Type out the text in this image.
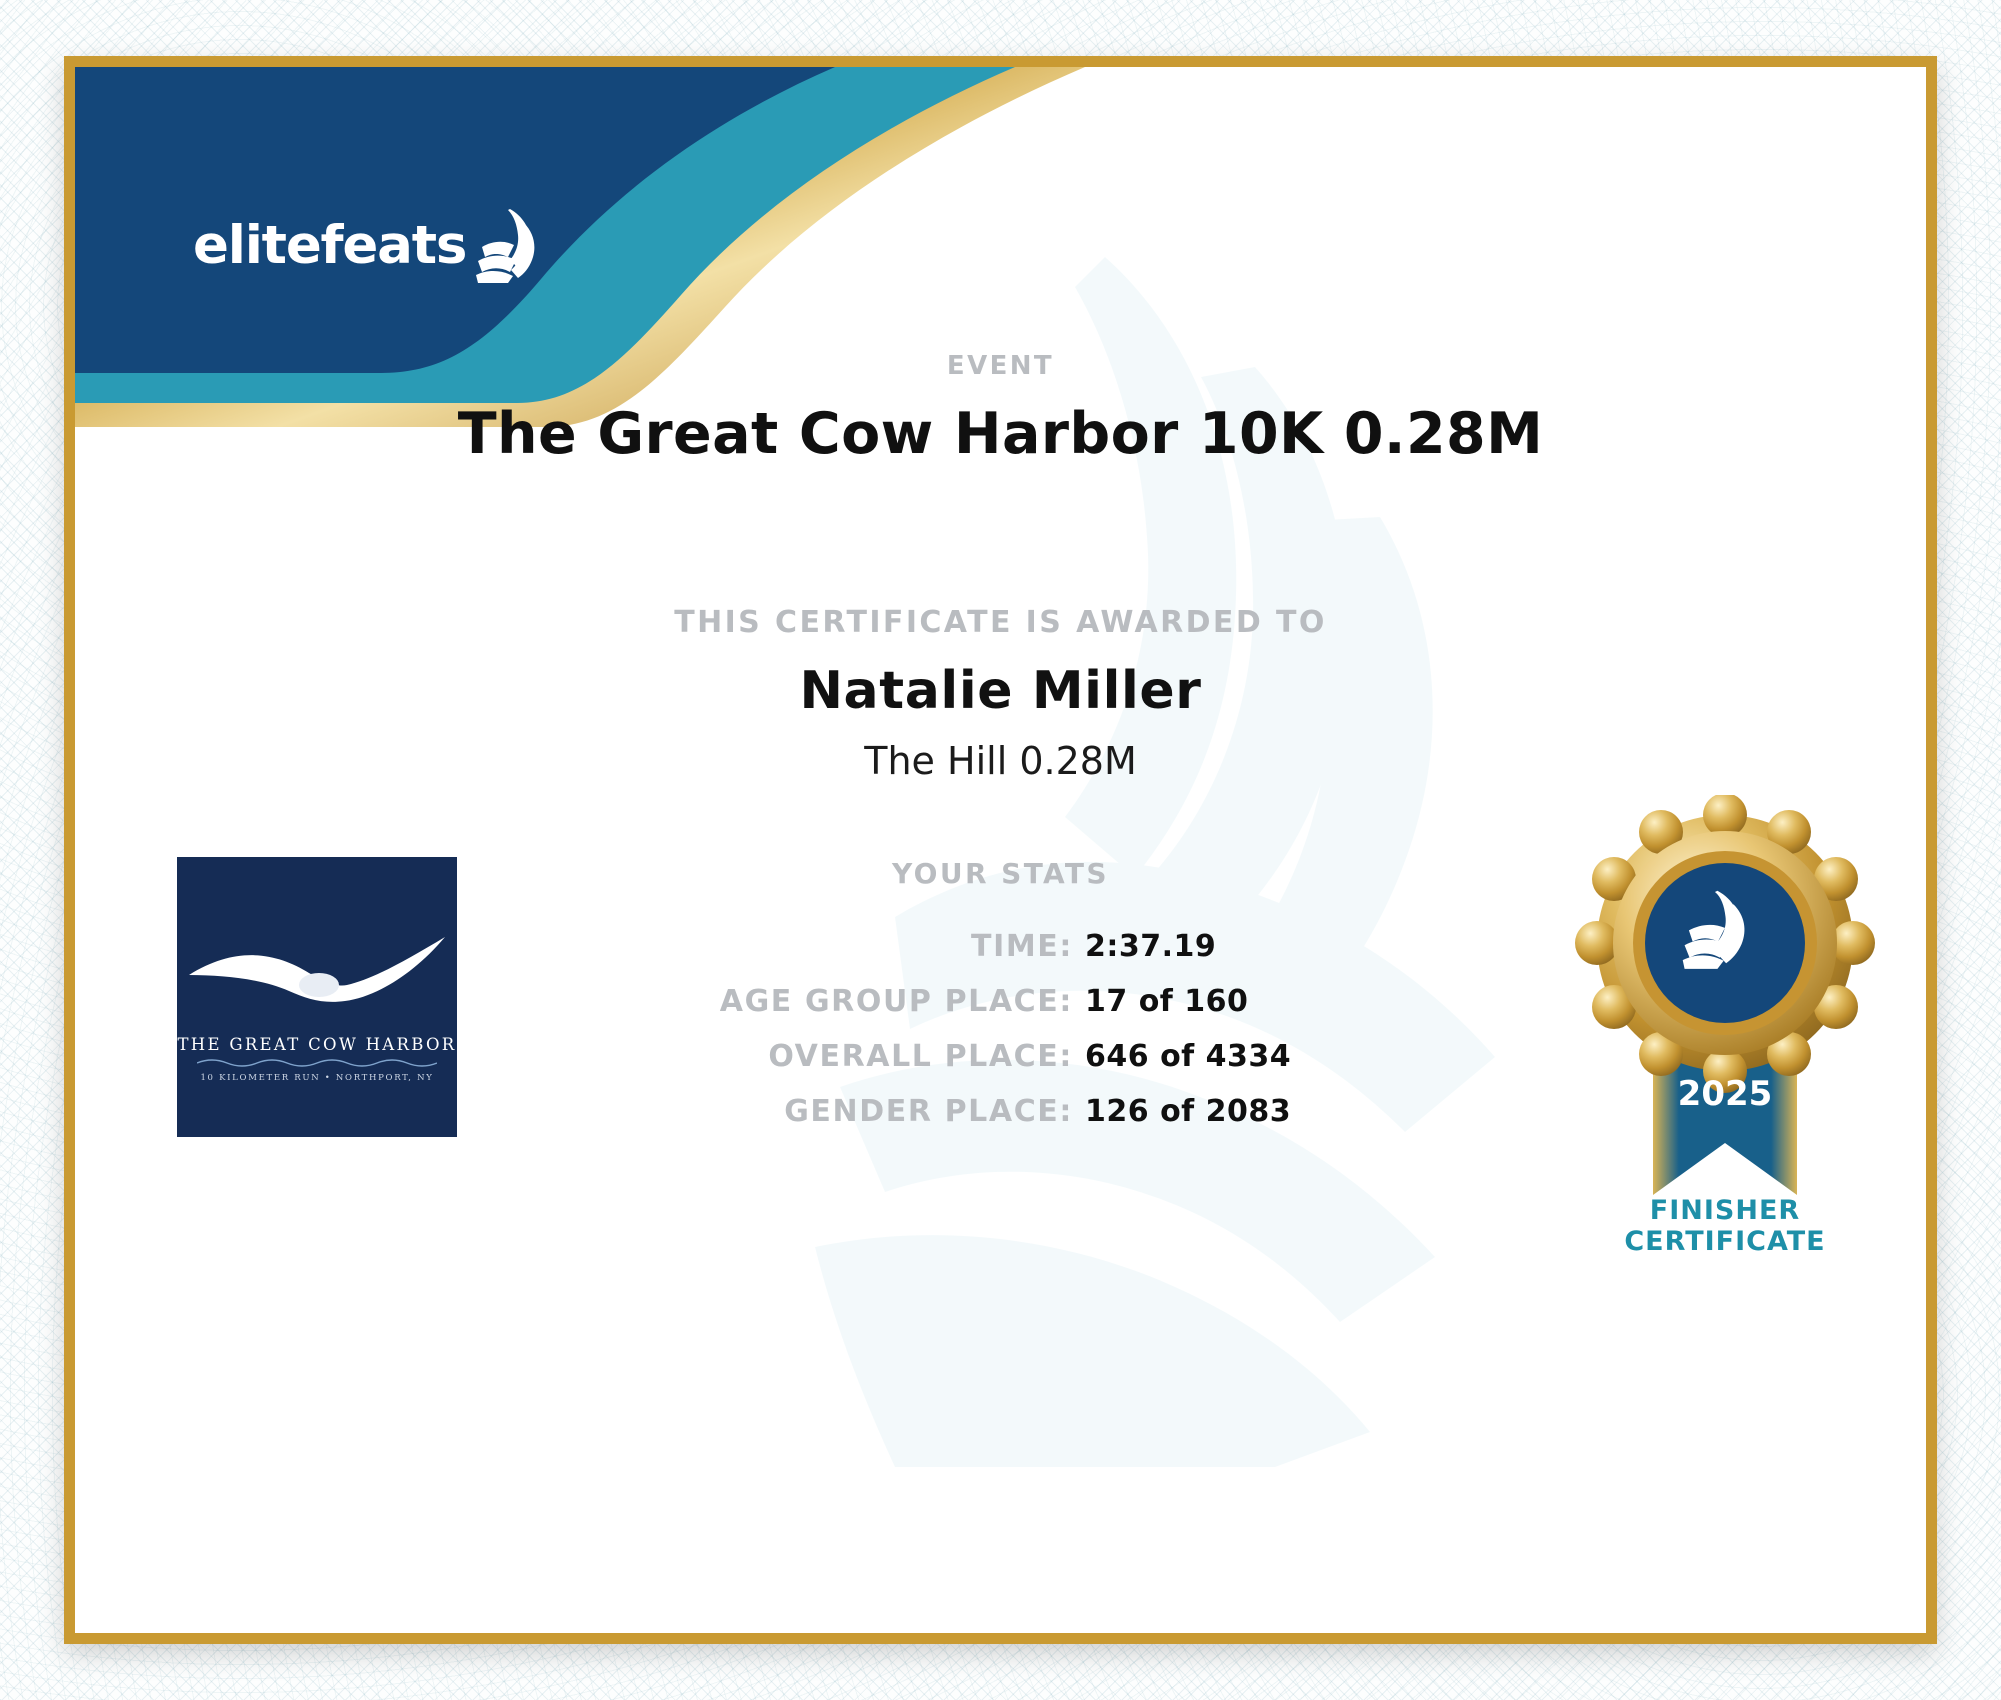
elitefeats
EVENT
The Great Cow Harbor 10K 0.28M
THIS CERTIFICATE IS AWARDED TO
Natalie Miller
The Hill 0.28M
YOUR STATS
TIME: 2:37.19
AGE GROUP PLACE: 17 of 160
OVERALL PLACE: 646 of 4334
GENDER PLACE: 126 of 2083
THE GREAT COW HARBOR
10 KILOMETER RUN • NORTHPORT, NY	2025
FINISHER
CERTIFICATE
